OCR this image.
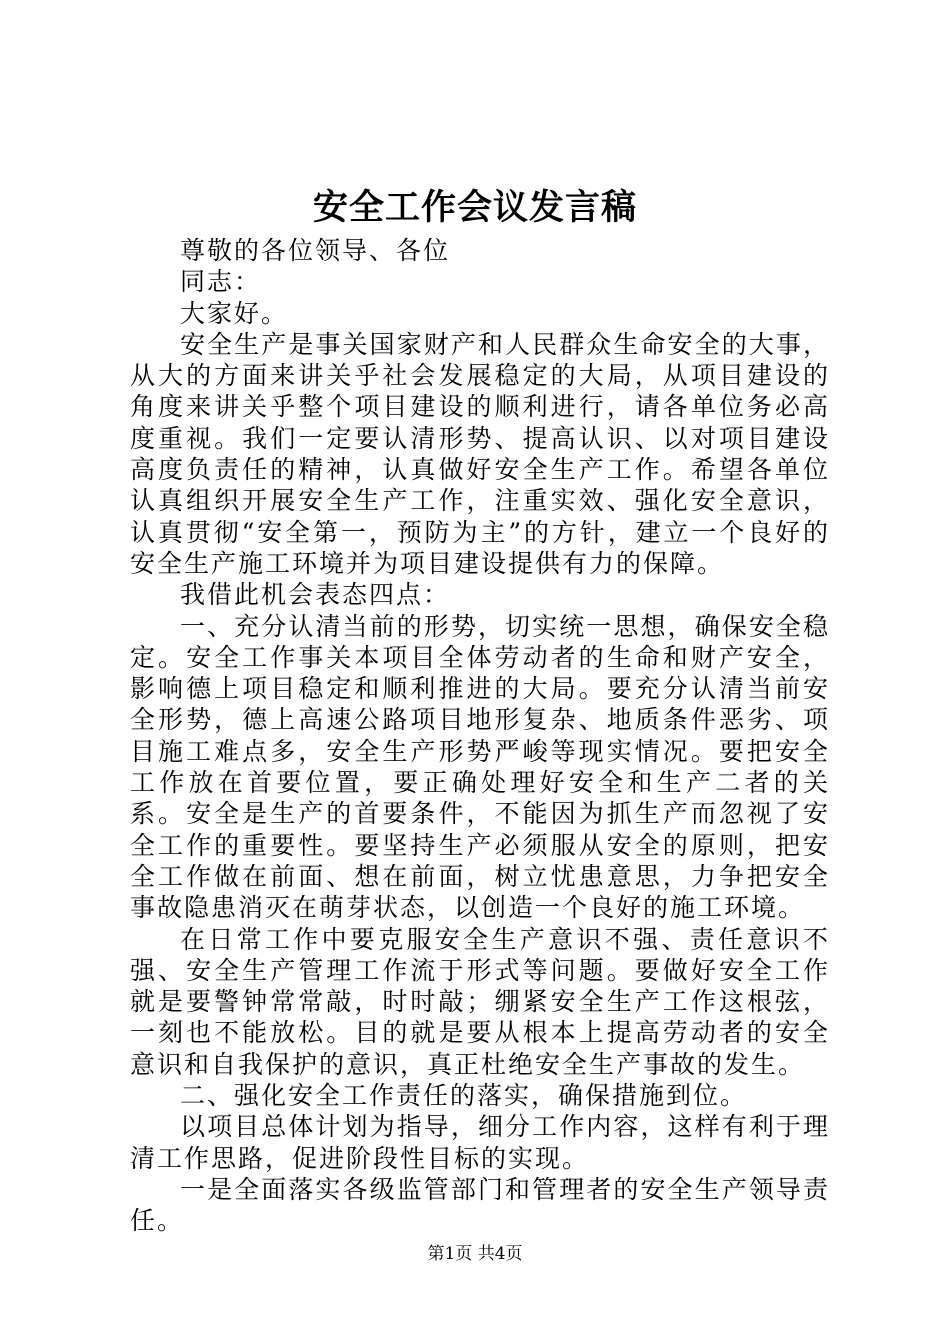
安全工作会议发言稿

尊敬的各位领导、各位

同志：

大家好。

安全生产是事关国家财产和人民群众生命安全的大事，从大的方面来讲关乎社会发展稳定的大局，从项目建设的角度来讲关乎整个项目建设的顺利进行，请各单位务必高度重视。我们一定要认清形势、提高认识、以对项目建设高度负责任的精神，认真做好安全生产工作。希望各单位认真组织开展安全生产工作，注重实效、强化安全意识，认真贯彻“安全第一，预防为主”的方针，建立一个良好的安全生产施工环境并为项目建设提供有力的保障。

我借此机会表态四点：

一、充分认清当前的形势，切实统一思想，确保安全稳定。安全工作事关本项目全体劳动者的生命和财产安全，影响德上项目稳定和顺利推进的大局。要充分认清当前安全形势，德上高速公路项目地形复杂、地质条件恶劣、项目施工难点多，安全生产形势严峻等现实情况。要把安全工作放在首要位置，要正确处理好安全和生产二者的关系。安全是生产的首要条件，不能因为抓生产而忽视了安全工作的重要性。要坚持生产必须服从安全的原则，把安全工作做在前面、想在前面，树立忧患意思，力争把安全事故隐患消灭在萌芽状态，以创造一个良好的施工环境。

在日常工作中要克服安全生产意识不强、责任意识不强、安全生产管理工作流于形式等问题。要做好安全工作就是要警钟常常敲，时时敲；绷紧安全生产工作这根弦，一刻也不能放松。目的就是要从根本上提高劳动者的安全意识和自我保护的意识，真正杜绝安全生产事故的发生。

二、强化安全工作责任的落实，确保措施到位。

以项目总体计划为指导，细分工作内容，这样有利于理清工作思路，促进阶段性目标的实现。

一是全面落实各级监管部门和管理者的安全生产领导责任。

第1页 共4页
